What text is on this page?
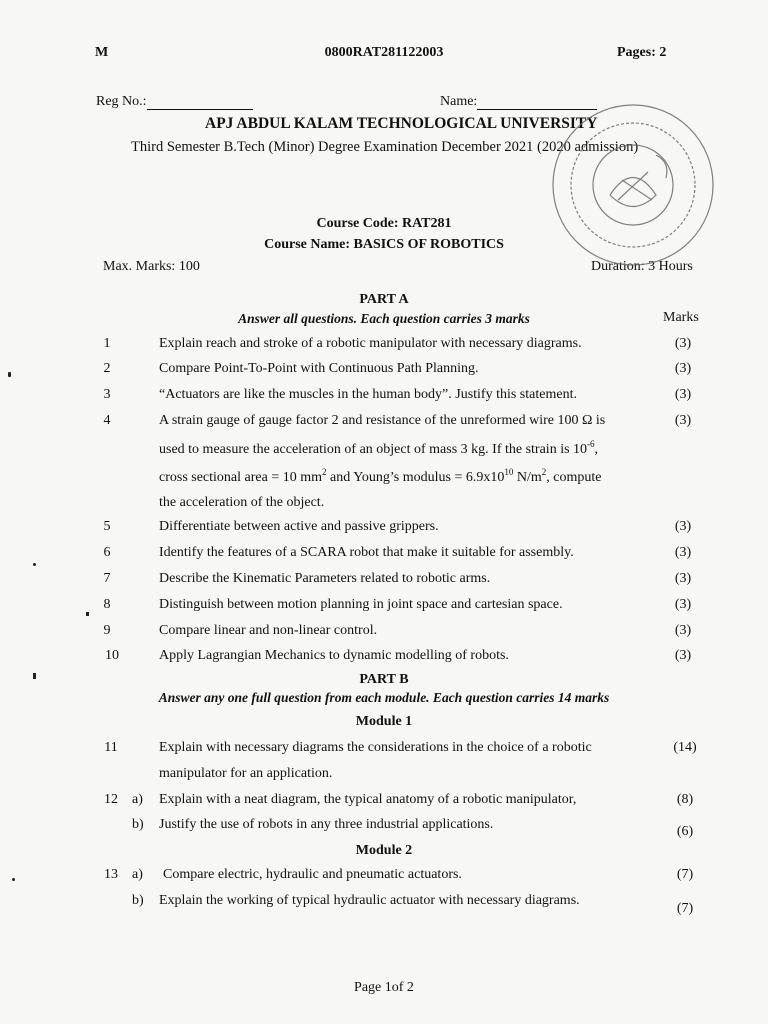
M	0800RAT281122003	Pages: 2
Reg No.:	Name:
APJ ABDUL KALAM TECHNOLOGICAL UNIVERSITY
Third Semester B.Tech (Minor) Degree Examination December 2021 (2020 admission)
Course Code: RAT281
Course Name: BASICS OF ROBOTICS
Max. Marks: 100	Duration: 3 Hours
PART A
Answer all questions. Each question carries 3 marks	Marks
1	Explain reach and stroke of a robotic manipulator with necessary diagrams.	(3)
2	Compare Point-To-Point with Continuous Path Planning.	(3)
3	“Actuators are like the muscles in the human body”. Justify this statement.	(3)
4	A strain gauge of gauge factor 2 and resistance of the unreformed wire 100 Ω is
used to measure the acceleration of an object of mass 3 kg. If the strain is $10^{-6}$,
cross sectional area = 10 $mm^2$ and Young’s modulus = $6.9x10^{10}$ $N/m^2$, compute
the acceleration of the object.
(3)
5	Differentiate between active and passive grippers.	(3)
6	Identify the features of a SCARA robot that make it suitable for assembly.	(3)
7	Describe the Kinematic Parameters related to robotic arms.	(3)
8	Distinguish between motion planning in joint space and cartesian space.	(3)
9	Compare linear and non-linear control.	(3)
10	Apply Lagrangian Mechanics to dynamic modelling of robots.	(3)
PART B
Answer any one full question from each module. Each question carries 14 marks
Module 1
11	Explain with necessary diagrams the considerations in the choice of a robotic
manipulator for an application.
(14)
12	a) Explain with a neat diagram, the typical anatomy of a robotic manipulator,	(8)
b) Justify the use of robots in any three industrial applications.	(6)
Module 2
13	a) Compare electric, hydraulic and pneumatic actuators.	(7)
b) Explain the working of typical hydraulic actuator with necessary diagrams.
(7)
Page 1of 2
